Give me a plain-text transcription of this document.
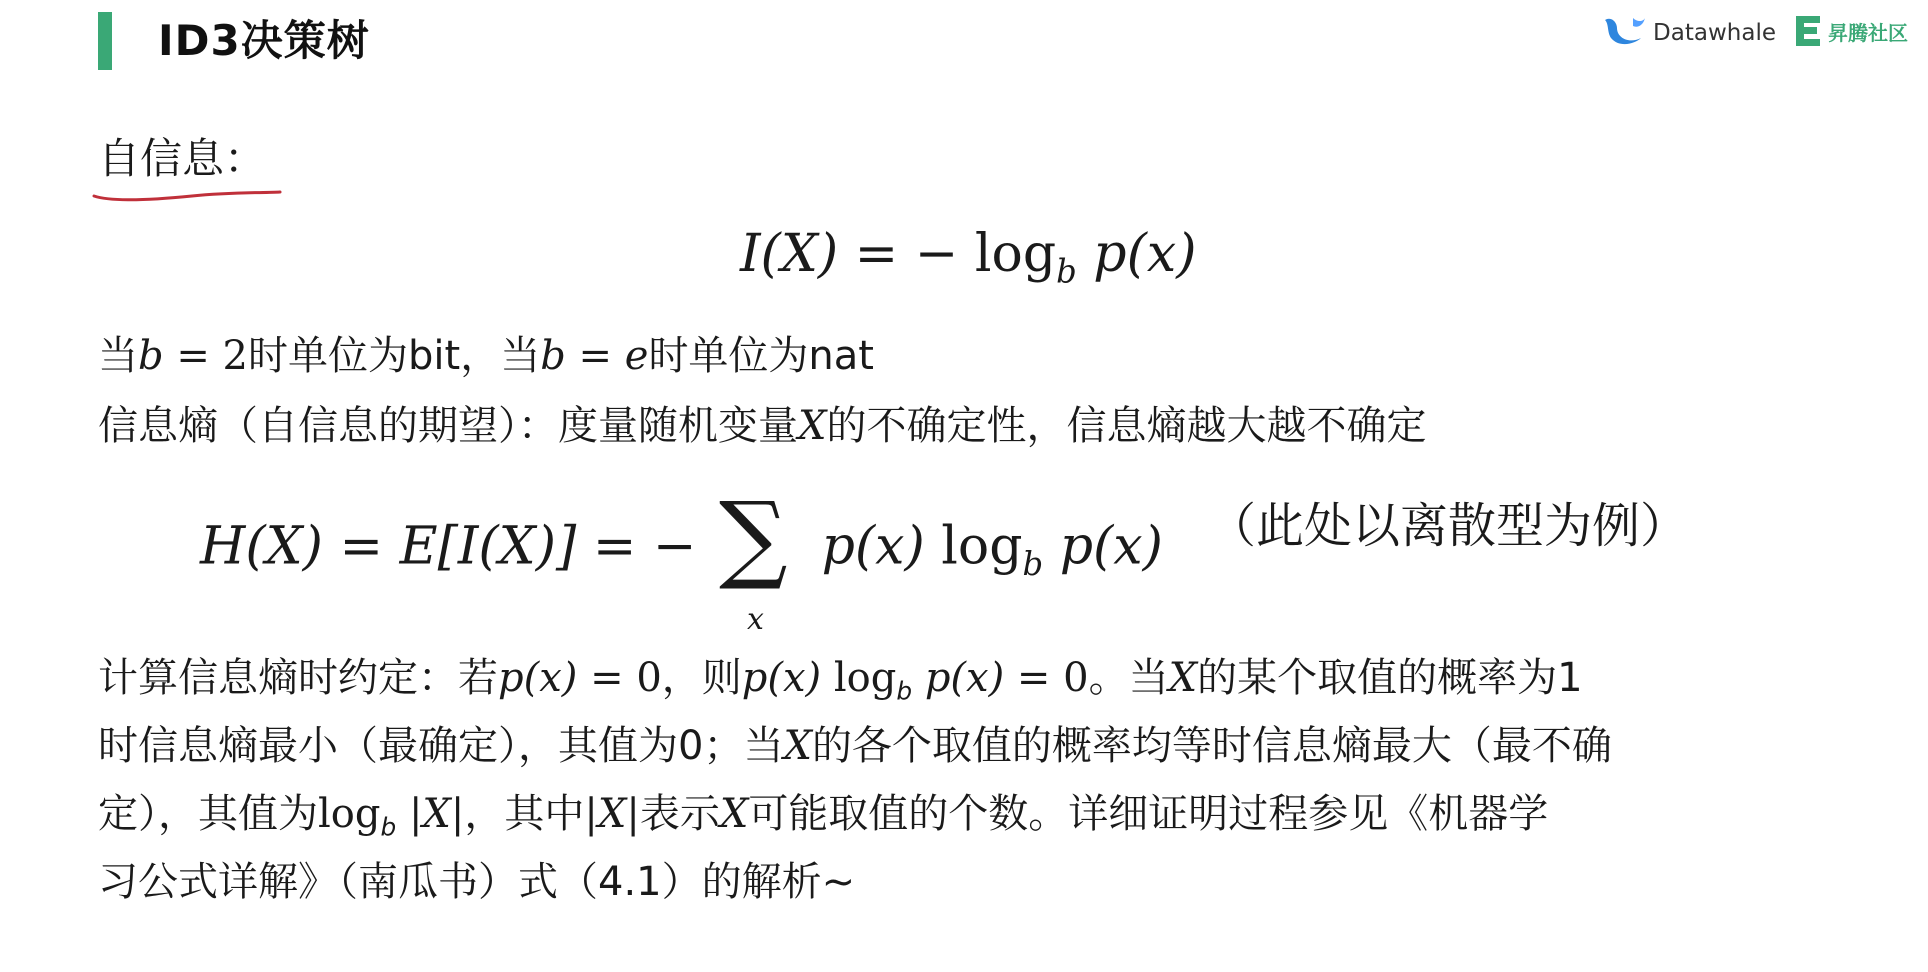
ID3决策树	Datawhale	昇腾社区
自信息：
I(X) = − $\log_b p(x)$
当b = 2时单位为bit，当b = e时单位为nat
信息熵（自信息的期望）：度量随机变量X的不确定性，信息熵越大越不确定
H(X) = E[I(X)] = − ∑
x
p(x) $\log_b p(x)$ （此处以离散型为例）
计算信息熵时约定：若p(x) = 0，则p(x) $\log_b p(x) = 0$。当X的某个取值的概率为1
时信息熵最小（最确定），其值为0；当X的各个取值的概率均等时信息熵最大（最不确
定），其值为$\log_b |X|$，其中|X|表示X可能取值的个数。详细证明过程参见《机器学
习公式详解》（南瓜书）式（4.1）的解析~
